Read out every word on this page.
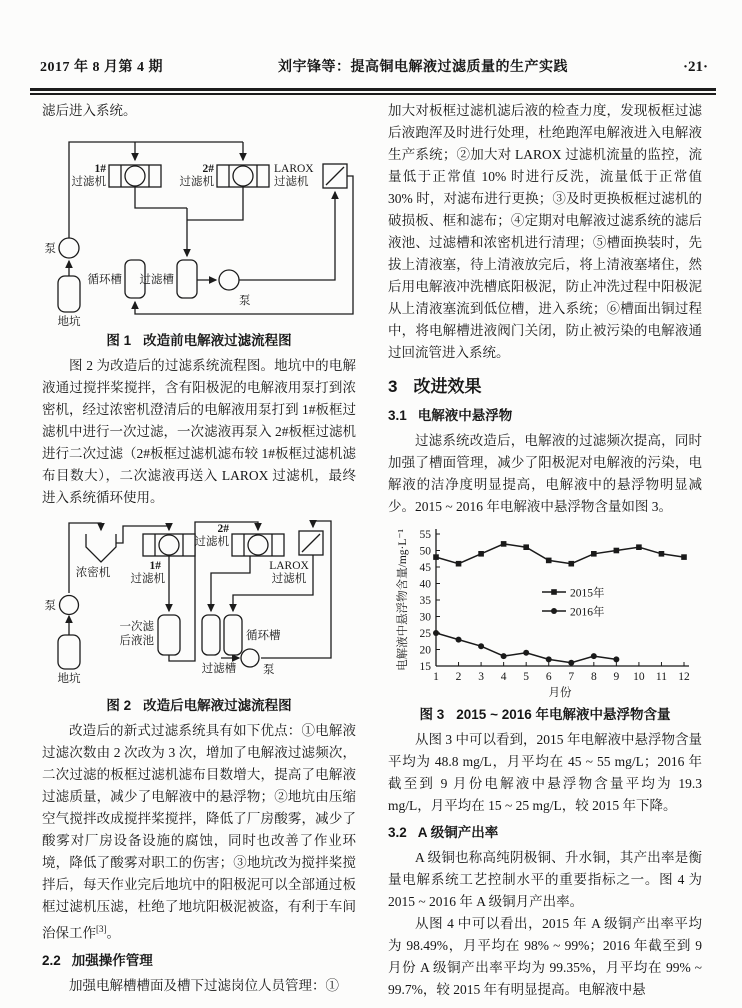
2017 年 8 月第 4 期	刘宇锋等：提高铜电解液过滤质量的生产实践	·21·

滤后进入系统。

泵
地坑
1#
过滤机
2#
过滤机
LAROX
过滤机
循环槽 过滤槽
泵
图 1 改造前电解液过滤流程图

图 2 为改造后的过滤系统流程图。地坑中的电解液通过搅拌桨搅拌，含有阳极泥的电解液用泵打到浓密机，经过浓密机澄清后的电解液用泵打到 1#板框过滤机中进行一次过滤，一次滤液再泵入 2#板框过滤机进行二次过滤（2#板框过滤机滤布较 1#板框过滤机滤布目数大），二次滤液再送入 LAROX 过滤机，最终进入系统循环使用。

泵
地坑
浓密机
1#
过滤机
2#
过滤机
LAROX
过滤机
一次滤
后液池	循环槽
过滤槽 泵
图 2 改造后电解液过滤流程图

改造后的新式过滤系统具有如下优点：①电解液过滤次数由 2 次改为 3 次，增加了电解液过滤频次，二次过滤的板框过滤机滤布目数增大，提高了电解液过滤质量，减少了电解液中的悬浮物；②地坑由压缩空气搅拌改成搅拌桨搅拌，降低了厂房酸雾，减少了酸雾对厂房设备设施的腐蚀，同时也改善了作业环境，降低了酸雾对职工的伤害；③地坑改为搅拌桨搅拌后，每天作业完后地坑中的阳极泥可以全部通过板框过滤机压滤，杜绝了地坑阳极泥被盗，有利于车间治保工作[3]。

2.2 加强操作管理

加强电解槽槽面及槽下过滤岗位人员管理：①

加大对板框过滤机滤后液的检查力度，发现板框过滤后液跑浑及时进行处理，杜绝跑浑电解液进入电解液生产系统；②加大对 LAROX 过滤机流量的监控，流量低于正常值 10% 时进行反洗，流量低于正常值 30% 时，对滤布进行更换；③及时更换板框过滤机的破损板、框和滤布；④定期对电解液过滤系统的滤后液池、过滤槽和浓密机进行清理；⑤槽面换装时，先拔上清液塞，待上清液放完后，将上清液塞堵住，然后用电解液冲洗槽底阳极泥，防止冲洗过程中阳极泥从上清液塞流到低位槽，进入系统；⑥槽面出铜过程中，将电解槽进液阀门关闭，防止被污染的电解液通过回流管进入系统。

3 改进效果
3.1 电解液中悬浮物

过滤系统改造后，电解液的过滤频次提高，同时加强了槽面管理，减少了阳极泥对电解液的污染，电解液的洁净度明显提高，电解液中的悬浮物明显减少。2015 ~ 2016 年电解液中悬浮物含量如图 3。

15
20
25
30
35
40
45
50
55
1 2 3 4 5 6 7 8 9 10 11 12
月份
电解液中悬浮物含量/mg·L⁻¹	2015年
2016年
图 3 2015 ~ 2016 年电解液中悬浮物含量

从图 3 中可以看到，2015 年电解液中悬浮物含量平均为 48.8 mg/L，月平均在 45 ~ 55 mg/L；2016 年截至到 9 月份电解液中悬浮物含量平均为 19.3 mg/L，月平均在 15 ~ 25 mg/L，较 2015 年下降。

3.2 A 级铜产出率

A 级铜也称高纯阴极铜、升水铜，其产出率是衡量电解系统工艺控制水平的重要指标之一。图 4 为 2015 ~ 2016 年 A 级铜月产出率。

从图 4 中可以看出，2015 年 A 级铜产出率平均为 98.49%，月平均在 98% ~ 99%；2016 年截至到 9 月份 A 级铜产出率平均为 99.35%，月平均在 99% ~ 99.7%，较 2015 年有明显提高。电解液中悬
